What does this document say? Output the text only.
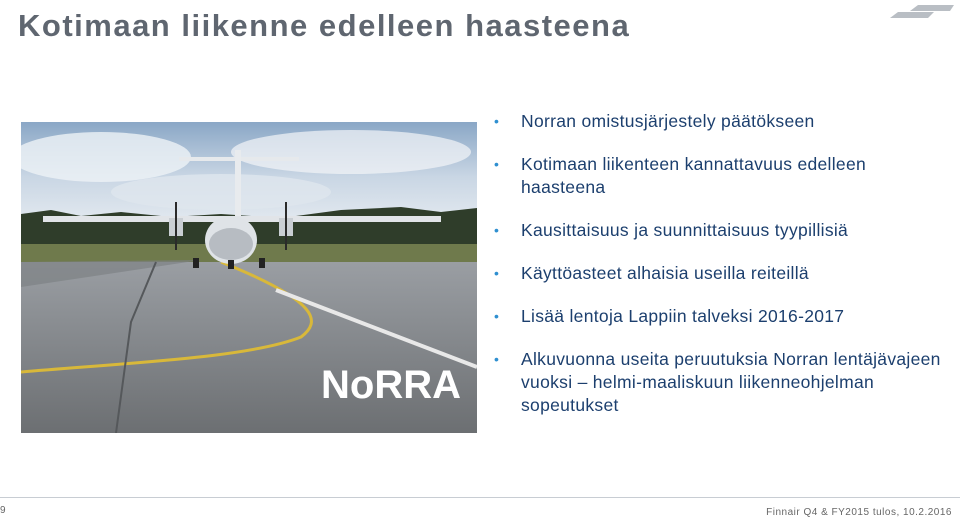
Kotimaan liikenne edelleen haasteena
NoRRA
• Norran omistusjärjestely päätökseen
• Kotimaan liikenteen kannattavuus edelleen haasteena
• Kausittaisuus ja suunnittaisuus tyypillisiä
• Käyttöasteet alhaisia useilla reiteillä
• Lisää lentoja Lappiin talveksi 2016-2017
• Alkuvuonna useita peruutuksia Norran lentäjävajeen vuoksi – helmi-maaliskuun liikenneohjelman sopeutukset
9	Finnair Q4 & FY2015 tulos, 10.2.2016
